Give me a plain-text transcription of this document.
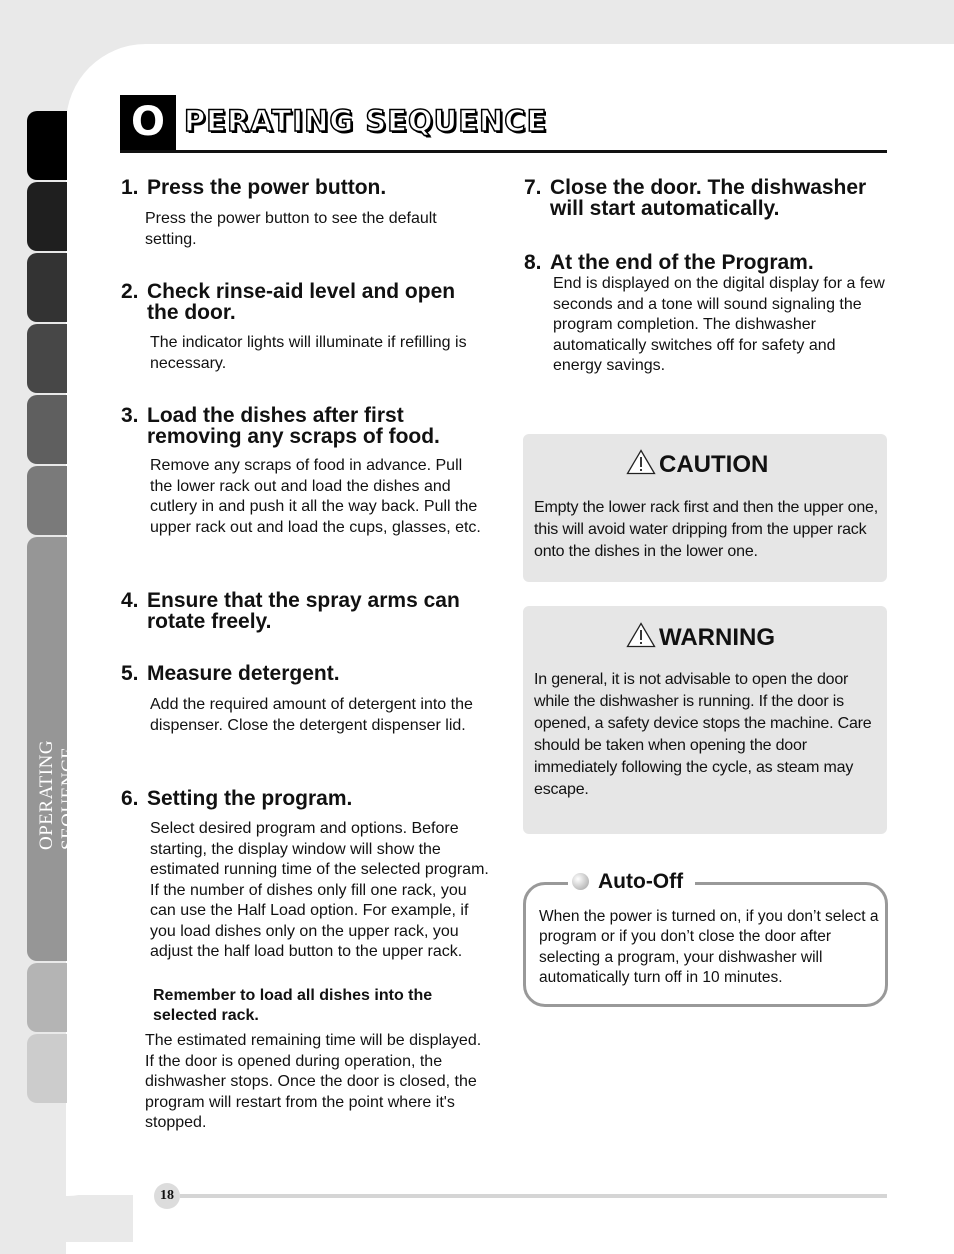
OPERATING SEQUENCE
O PERATING SEQUENCE
1. Press the power button.
Press the power button to see the default setting.
2. Check rinse-aid level and open the door.
The indicator lights will illuminate if refilling is necessary.
3. Load the dishes after first removing any scraps of food.
Remove any scraps of food in advance. Pull the lower rack out and load the dishes and cutlery in and push it all the way back. Pull the upper rack out and load the cups, glasses, etc.
4. Ensure that the spray arms can rotate freely.
5. Measure detergent.
Add the required amount of detergent into the dispenser. Close the detergent dispenser lid.
6. Setting the program.
Select desired program and options. Before starting, the display window will show the estimated running time of the selected program. If the number of dishes only fill one rack, you can use the Half Load option. For example, if you load dishes only on the upper rack, you adjust the half load button to the upper rack.
Remember to load all dishes into the selected rack.
The estimated remaining time will be displayed. If the door is opened during operation, the dishwasher stops. Once the door is closed, the program will restart from the point where it's stopped.
7. Close the door. The dishwasher will start automatically.
8. At the end of the Program.
End is displayed on the digital display for a few seconds and a tone will sound signaling the program completion. The dishwasher automatically switches off for safety and energy savings.
CAUTION
Empty the lower rack first and then the upper one, this will avoid water dripping from the upper rack onto the dishes in the lower one.
WARNING
In general, it is not advisable to open the door while the dishwasher is running. If the door is opened, a safety device stops the machine. Care should be taken when opening the door immediately following the cycle, as steam may escape.
Auto-Off
When the power is turned on, if you don’t select a program or if you don’t close the door after selecting a program, your dishwasher will automatically turn off in 10 minutes.
18
